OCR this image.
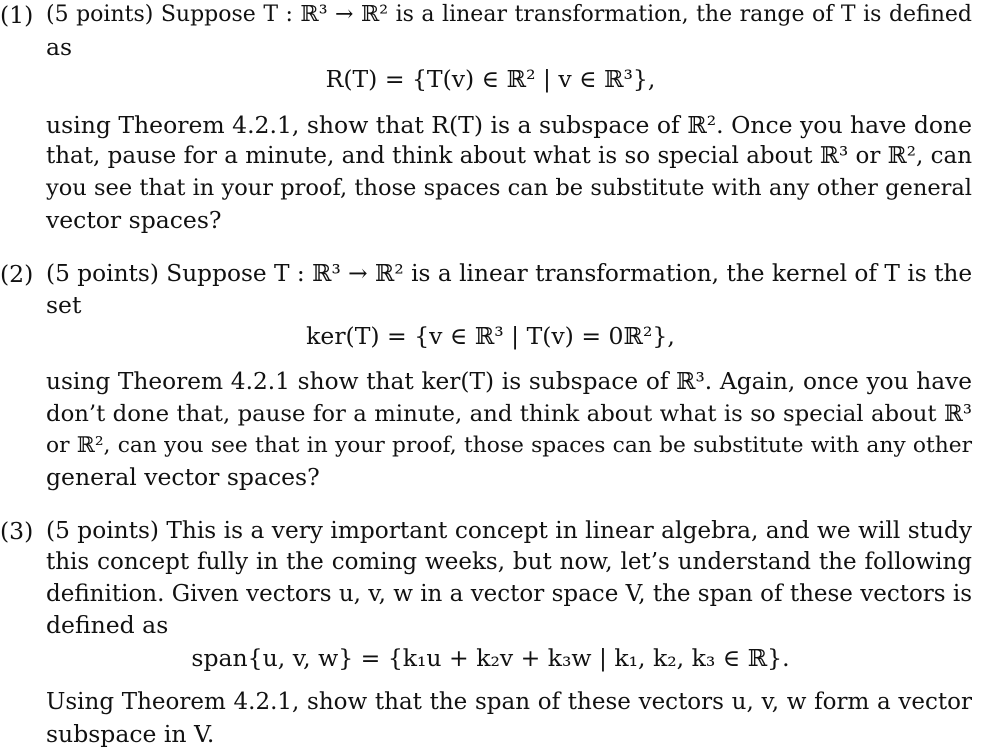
(1) (5 points) Suppose T : ℝ³ → ℝ² is a linear transformation, the range of T is defined
as
R(T) = {T(v) ∈ ℝ² | v ∈ ℝ³},
using Theorem 4.2.1, show that R(T) is a subspace of ℝ². Once you have done
that, pause for a minute, and think about what is so special about ℝ³ or ℝ², can
you see that in your proof, those spaces can be substitute with any other general
vector spaces?
(2) (5 points) Suppose T : ℝ³ → ℝ² is a linear transformation, the kernel of T is the
set
ker(T) = {v ∈ ℝ³ | T(v) = 0ℝ²},
using Theorem 4.2.1 show that ker(T) is subspace of ℝ³. Again, once you have
don’t done that, pause for a minute, and think about what is so special about ℝ³
or ℝ², can you see that in your proof, those spaces can be substitute with any other
general vector spaces?
(3) (5 points) This is a very important concept in linear algebra, and we will study
this concept fully in the coming weeks, but now, let’s understand the following
definition. Given vectors u, v, w in a vector space V, the span of these vectors is
defined as
span{u, v, w} = {k₁u + k₂v + k₃w | k₁, k₂, k₃ ∈ ℝ}.
Using Theorem 4.2.1, show that the span of these vectors u, v, w form a vector
subspace in V.
